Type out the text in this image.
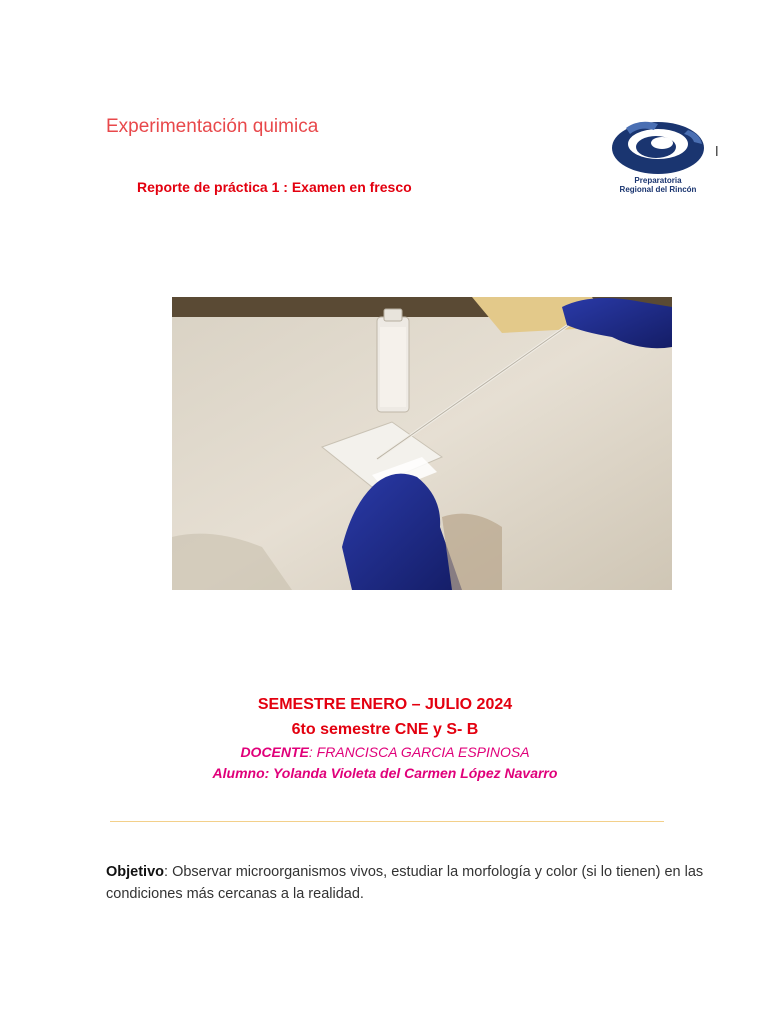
Experimentación quimica
Reporte de práctica 1 : Examen en fresco	Preparatoria
Regional del Rincón
SEMESTRE ENERO – JULIO 2024
6to semestre CNE y S- B
DOCENTE: FRANCISCA GARCIA ESPINOSA
Alumno: Yolanda Violeta del Carmen López Navarro
Objetivo: Observar microorganismos vivos, estudiar la morfología y color (si lo tienen) en las condiciones más cercanas a la realidad.
